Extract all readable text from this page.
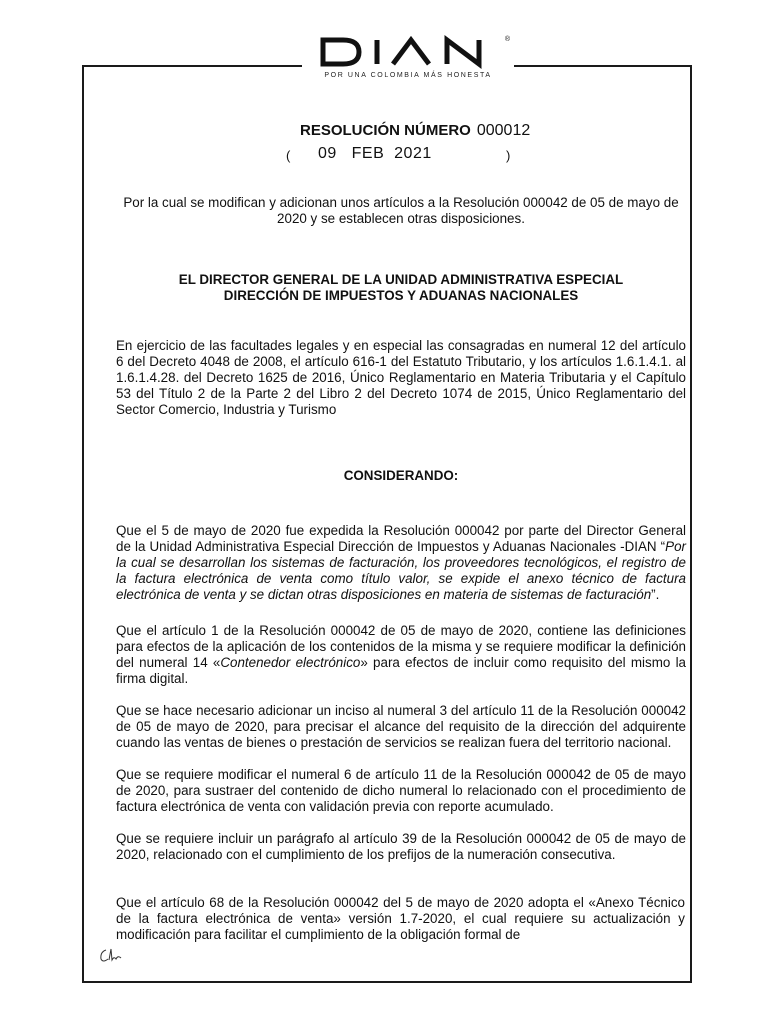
®
POR UNA COLOMBIA MÁS HONESTA
RESOLUCIÓN NÚMERO 000012
( 09   FEB  2021	)

Por la cual se modifican y adicionan unos artículos a la Resolución 000042 de 05 de mayo de 2020 y se establecen otras disposiciones.

EL DIRECTOR GENERAL DE LA UNIDAD ADMINISTRATIVA ESPECIAL

DIRECCIÓN DE IMPUESTOS Y ADUANAS NACIONALES

En ejercicio de las facultades legales y en especial las consagradas en numeral 12 del artículo 6 del Decreto 4048 de 2008, el artículo 616-1 del Estatuto Tributario, y los artículos 1.6.1.4.1. al 1.6.1.4.28. del Decreto 1625 de 2016, Único Reglamentario en Materia Tributaria y el Capítulo 53 del Título 2 de la Parte 2 del Libro 2 del Decreto 1074 de 2015, Único Reglamentario del Sector Comercio, Industria y Turismo

CONSIDERANDO:

Que el 5 de mayo de 2020 fue expedida la Resolución 000042 por parte del Director General de la Unidad Administrativa Especial Dirección de Impuestos y Aduanas Nacionales -DIAN “Por la cual se desarrollan los sistemas de facturación, los proveedores tecnológicos, el registro de la factura electrónica de venta como título valor, se expide el anexo técnico de factura electrónica de venta y se dictan otras disposiciones en materia de sistemas de facturación”.

Que el artículo 1 de la Resolución 000042 de 05 de mayo de 2020, contiene las definiciones para efectos de la aplicación de los contenidos de la misma y se requiere modificar la definición del numeral 14 «Contenedor electrónico» para efectos de incluir como requisito del mismo la firma digital.

Que se hace necesario adicionar un inciso al numeral 3 del artículo 11 de la Resolución 000042 de 05 de mayo de 2020, para precisar el alcance del requisito de la dirección del adquirente cuando las ventas de bienes o prestación de servicios se realizan fuera del territorio nacional.

Que se requiere modificar el numeral 6 de artículo 11 de la Resolución 000042 de 05 de mayo de 2020, para sustraer del contenido de dicho numeral lo relacionado con el procedimiento de factura electrónica de venta con validación previa con reporte acumulado.

Que se requiere incluir un parágrafo al artículo 39 de la Resolución 000042 de 05 de mayo de 2020, relacionado con el cumplimiento de los prefijos de la numeración consecutiva.

Que el artículo 68 de la Resolución 000042 del 5 de mayo de 2020 adopta el «Anexo Técnico de la factura electrónica de venta» versión 1.7-2020, el cual requiere su actualización y modificación para facilitar el cumplimiento de la obligación formal de
